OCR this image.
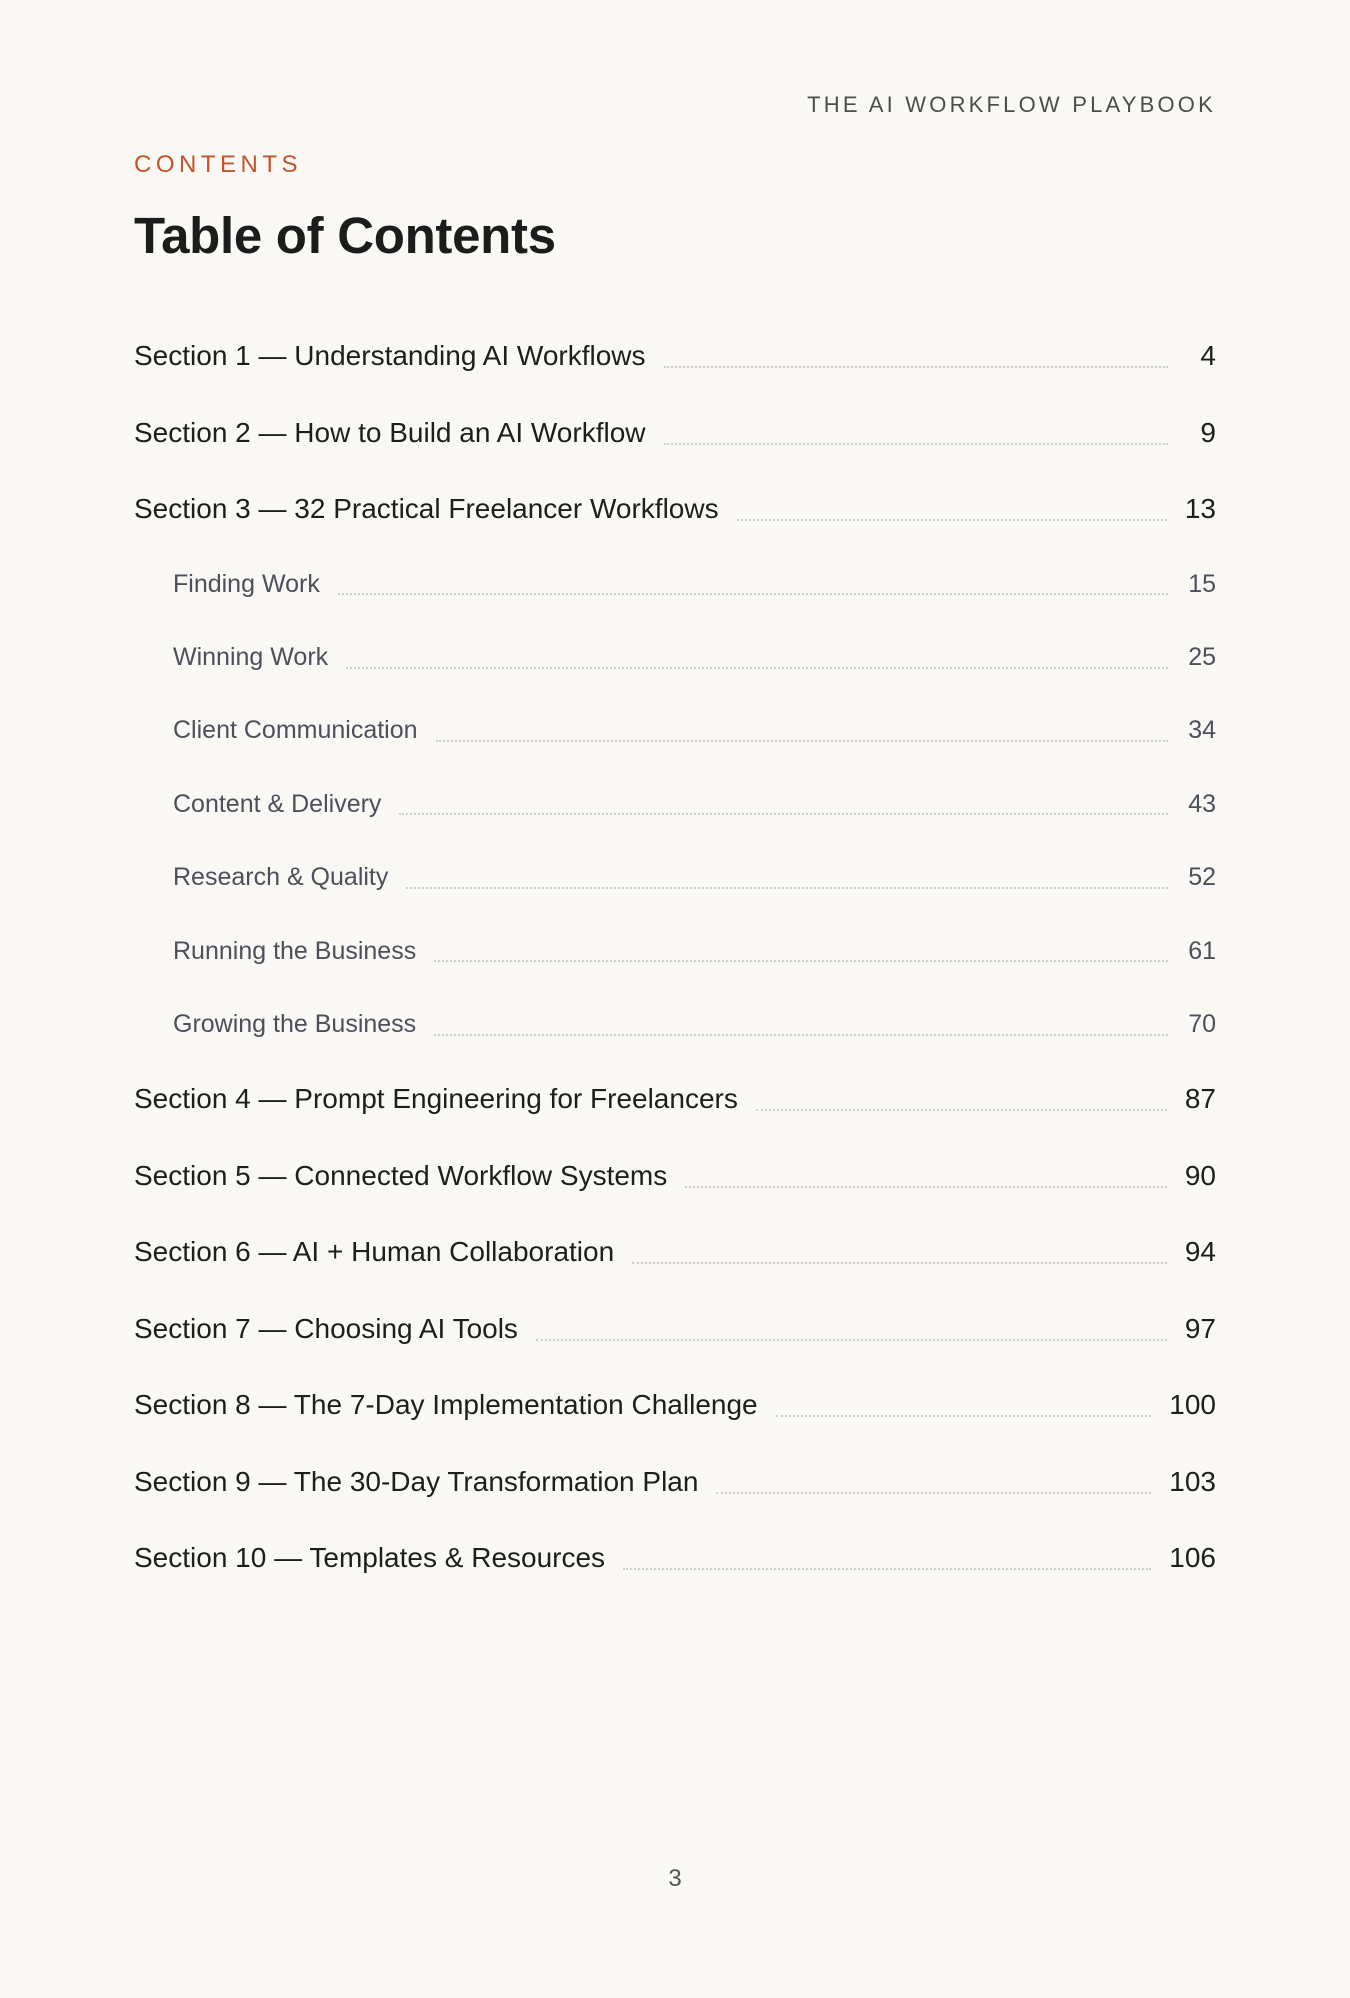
THE AI WORKFLOW PLAYBOOK
CONTENTS
Table of Contents
Section 1 — Understanding AI Workflows	4
Section 2 — How to Build an AI Workflow	9
Section 3 — 32 Practical Freelancer Workflows	13
Finding Work	15
Winning Work	25
Client Communication	34
Content & Delivery	43
Research & Quality	52
Running the Business	61
Growing the Business	70
Section 4 — Prompt Engineering for Freelancers	87
Section 5 — Connected Workflow Systems	90
Section 6 — AI + Human Collaboration	94
Section 7 — Choosing AI Tools	97
Section 8 — The 7-Day Implementation Challenge	100
Section 9 — The 30-Day Transformation Plan	103
Section 10 — Templates & Resources	106
3
